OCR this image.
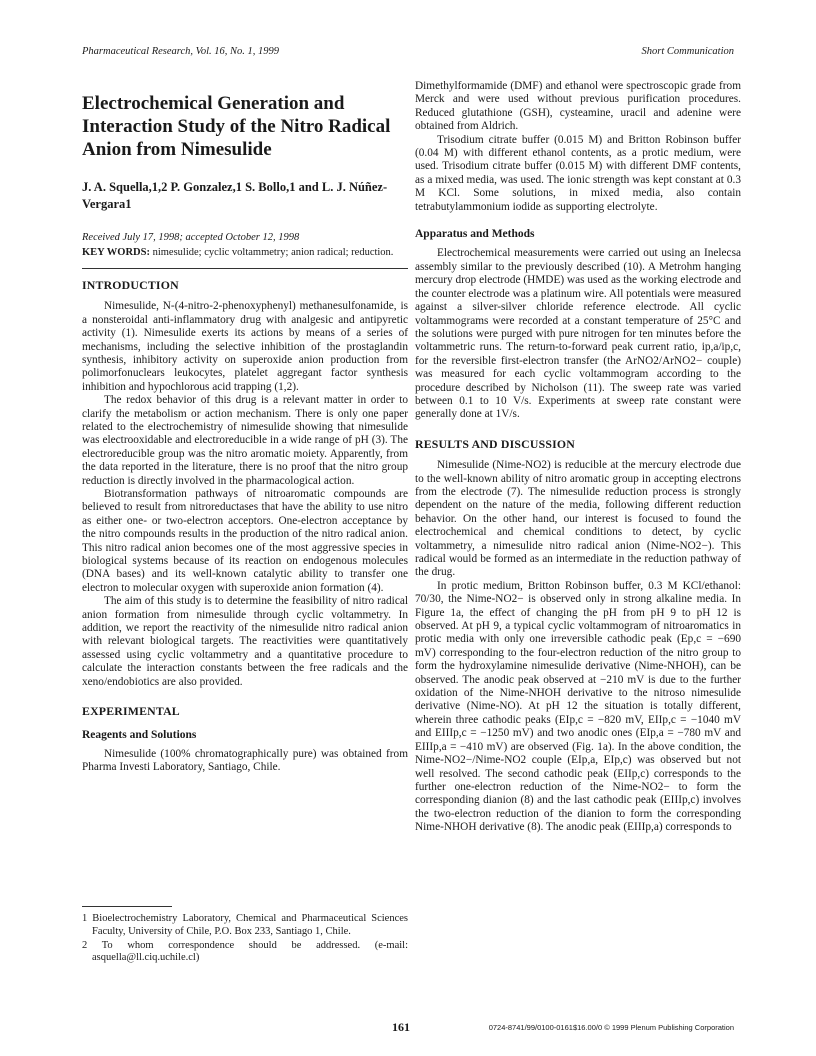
Pharmaceutical Research, Vol. 16, No. 1, 1999	Short Communication
Electrochemical Generation and Interaction Study of the Nitro Radical Anion from Nimesulide
J. A. Squella,1,2 P. Gonzalez,1 S. Bollo,1 and L. J. Núñez-Vergara1
Received July 17, 1998; accepted October 12, 1998
KEY WORDS: nimesulide; cyclic voltammetry; anion radical; reduction.
INTRODUCTION

Nimesulide, N-(4-nitro-2-phenoxyphenyl) methanesulfonamide, is a nonsteroidal anti-inflammatory drug with analgesic and antipyretic activity (1). Nimesulide exerts its actions by means of a series of mechanisms, including the selective inhibition of the prostaglandin synthesis, inhibitory activity on superoxide anion production from polimorfonuclears leukocytes, platelet aggregant factor synthesis inhibition and hypochlorous acid trapping (1,2).

The redox behavior of this drug is a relevant matter in order to clarify the metabolism or action mechanism. There is only one paper related to the electrochemistry of nimesulide showing that nimesulide was electrooxidable and electroreducible in a wide range of pH (3). The electroreducible group was the nitro aromatic moiety. Apparently, from the data reported in the literature, there is no proof that the nitro group reduction is directly involved in the pharmacological action.

Biotransformation pathways of nitroaromatic compounds are believed to result from nitroreductases that have the ability to use nitro as either one- or two-electron acceptors. One-electron acceptance by the nitro compounds results in the production of the nitro radical anion. This nitro radical anion becomes one of the most aggressive species in biological systems because of its reaction on endogenous molecules (DNA bases) and its well-known catalytic ability to transfer one electron to molecular oxygen with superoxide anion formation (4).

The aim of this study is to determine the feasibility of nitro radical anion formation from nimesulide through cyclic voltammetry. In addition, we report the reactivity of the nimesulide nitro radical anion with relevant biological targets. The reactivities were quantitatively assessed using cyclic voltammetry and a quantitative procedure to calculate the interaction constants between the free radicals and the xeno/endobiotics are also provided.

EXPERIMENTAL
Reagents and Solutions

Nimesulide (100% chromatographically pure) was obtained from Pharma Investi Laboratory, Santiago, Chile.

1 Bioelectrochemistry Laboratory, Chemical and Pharmaceutical Sciences Faculty, University of Chile, P.O. Box 233, Santiago 1, Chile.

2 To whom correspondence should be addressed. (e-mail: asquella@ll.ciq.uchile.cl)

Dimethylformamide (DMF) and ethanol were spectroscopic grade from Merck and were used without previous purification procedures. Reduced glutathione (GSH), cysteamine, uracil and adenine were obtained from Aldrich.

Trisodium citrate buffer (0.015 M) and Britton Robinson buffer (0.04 M) with different ethanol contents, as a protic medium, were used. Trisodium citrate buffer (0.015 M) with different DMF contents, as a mixed media, was used. The ionic strength was kept constant at 0.3 M KCl. Some solutions, in mixed media, also contain tetrabutylammonium iodide as supporting electrolyte.

Apparatus and Methods

Electrochemical measurements were carried out using an Inelecsa assembly similar to the previously described (10). A Metrohm hanging mercury drop electrode (HMDE) was used as the working electrode and the counter electrode was a platinum wire. All potentials were measured against a silver-silver chloride reference electrode. All cyclic voltammograms were recorded at a constant temperature of 25°C and the solutions were purged with pure nitrogen for ten minutes before the voltammetric runs. The return-to-forward peak current ratio, ip,a/ip,c, for the reversible first-electron transfer (the ArNO2/ArNO2− couple) was measured for each cyclic voltammogram according to the procedure described by Nicholson (11). The sweep rate was varied between 0.1 to 10 V/s. Experiments at sweep rate constant were generally done at 1V/s.

RESULTS AND DISCUSSION

Nimesulide (Nime-NO2) is reducible at the mercury electrode due to the well-known ability of nitro aromatic group in accepting electrons from the electrode (7). The nimesulide reduction process is strongly dependent on the nature of the media, following different reduction behavior. On the other hand, our interest is focused to found the electrochemical and chemical conditions to detect, by cyclic voltammetry, a nimesulide nitro radical anion (Nime-NO2−). This radical would be formed as an intermediate in the reduction pathway of the drug.

In protic medium, Britton Robinson buffer, 0.3 M KCl/ethanol: 70/30, the Nime-NO2− is observed only in strong alkaline media. In Figure 1a, the effect of changing the pH from pH 9 to pH 12 is observed. At pH 9, a typical cyclic voltammogram of nitroaromatics in protic media with only one irreversible cathodic peak (Ep,c = −690 mV) corresponding to the four-electron reduction of the nitro group to form the hydroxylamine nimesulide derivative (Nime-NHOH), can be observed. The anodic peak observed at −210 mV is due to the further oxidation of the Nime-NHOH derivative to the nitroso nimesulide derivative (Nime-NO). At pH 12 the situation is totally different, wherein three cathodic peaks (EIp,c = −820 mV, EIIp,c = −1040 mV and EIIIp,c = −1250 mV) and two anodic ones (EIp,a = −780 mV and EIIIp,a = −410 mV) are observed (Fig. 1a). In the above condition, the Nime-NO2−/Nime-NO2 couple (EIp,a, EIp,c) was observed but not well resolved. The second cathodic peak (EIIp,c) corresponds to the further one-electron reduction of the Nime-NO2− to form the corresponding dianion (8) and the last cathodic peak (EIIIp,c) involves the two-electron reduction of the dianion to form the corresponding Nime-NHOH derivative (8). The anodic peak (EIIIp,a) corresponds to

161	0724-8741/99/0100-0161$16.00/0 © 1999 Plenum Publishing Corporation
